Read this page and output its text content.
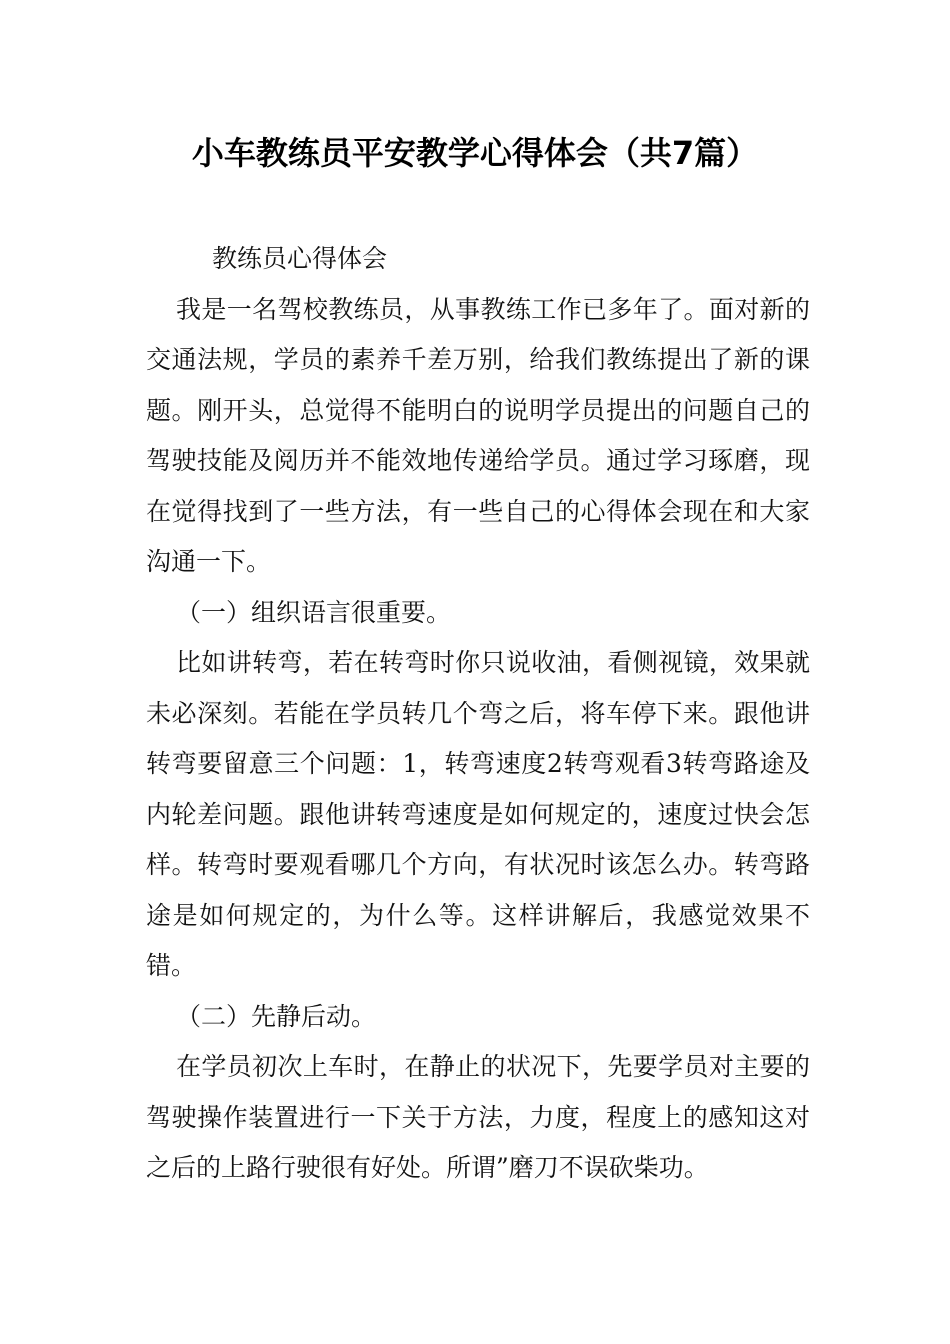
小车教练员平安教学心得体会（共7篇）

教练员心得体会

我是一名驾校教练员，从事教练工作已多年了。面对新的交通法规，学员的素养千差万别，给我们教练提出了新的课题。刚开头，总觉得不能明白的说明学员提出的问题自己的驾驶技能及阅历并不能效地传递给学员。通过学习琢磨，现在觉得找到了一些方法，有一些自己的心得体会现在和大家沟通一下。

（一）组织语言很重要。

比如讲转弯，若在转弯时你只说收油，看侧视镜，效果就未必深刻。若能在学员转几个弯之后，将车停下来。跟他讲转弯要留意三个问题：1，转弯速度2转弯观看3转弯路途及内轮差问题。跟他讲转弯速度是如何规定的，速度过快会怎样。转弯时要观看哪几个方向，有状况时该怎么办。转弯路途是如何规定的，为什么等。这样讲解后，我感觉效果不错。

（二）先静后动。

在学员初次上车时，在静止的状况下，先要学员对主要的驾驶操作装置进行一下关于方法，力度，程度上的感知这对之后的上路行驶很有好处。所谓”磨刀不误砍柴功。
